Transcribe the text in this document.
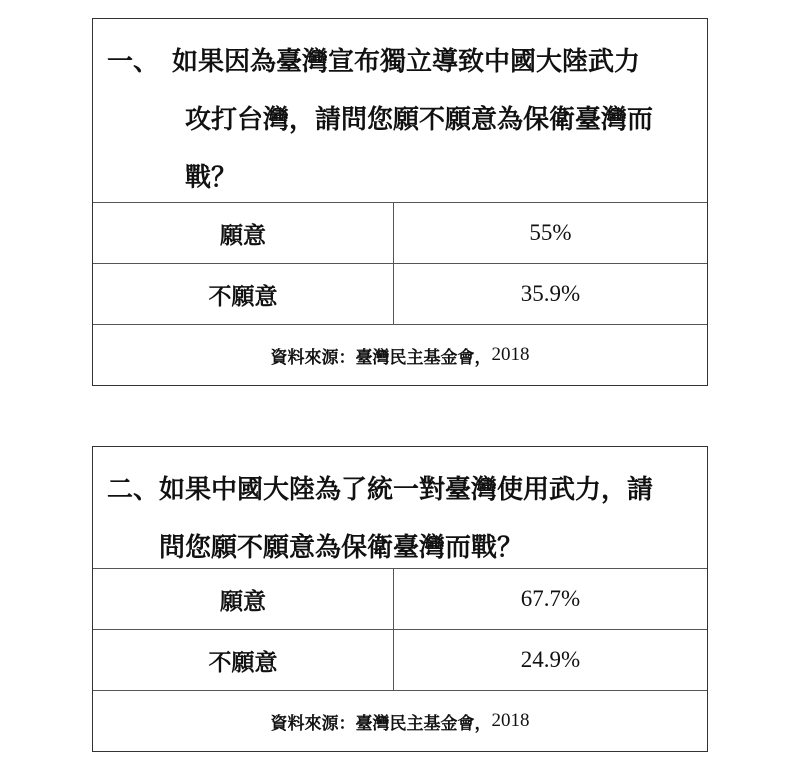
一、　如果因為臺灣宣布獨立導致中國大陸武力
　　　攻打台灣，請問您願不願意為保衛臺灣而
　　　戰？
願意	55%
不願意	35.9%
資料來源：臺灣民主基金會， 2018
二、如果中國大陸為了統一對臺灣使用武力，請
　　問您願不願意為保衛臺灣而戰？
願意	67.7%
不願意	24.9%
資料來源：臺灣民主基金會， 2018
